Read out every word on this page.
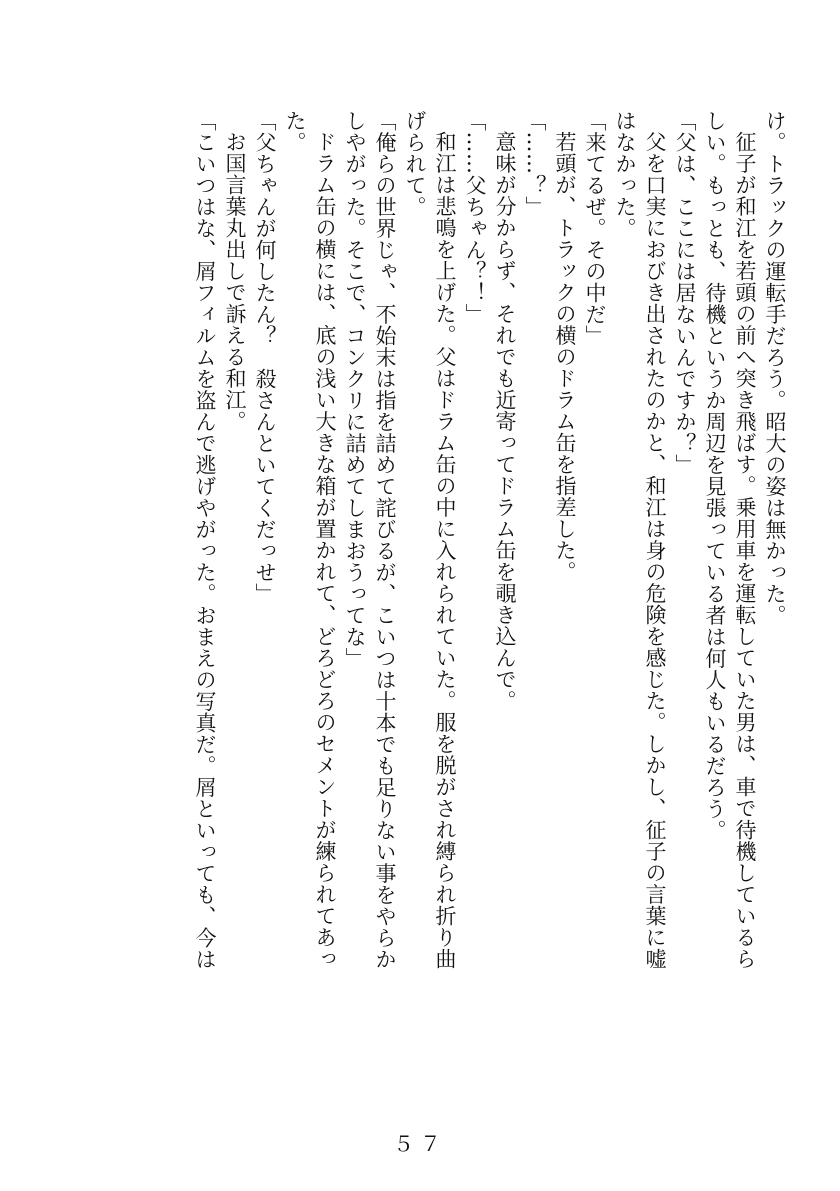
け。トラックの運転手だろう。昭大の姿は無かった。
征子が和江を若頭の前へ突き飛ばす。乗用車を運転していた男は、車で待機しているら
しい。もっとも、待機というか周辺を見張っている者は何人もいるだろう。
「父は、ここには居ないんですか？」
父を口実におびき出されたのかと、和江は身の危険を感じた。しかし、征子の言葉に嘘
はなかった。
「来てるぜ。その中だ」
若頭が、トラックの横のドラム缶を指差した。
「……？」
意味が分からず、それでも近寄ってドラム缶を覗き込んで。
「……父ちゃん？！」
和江は悲鳴を上げた。父はドラム缶の中に入れられていた。服を脱がされ縛られ折り曲
げられて。
「俺らの世界じゃ、不始末は指を詰めて詫びるが、こいつは十本でも足りない事をやらか
しやがった。そこで、コンクリに詰めてしまおうってな」
ドラム缶の横には、底の浅い大きな箱が置かれて、どろどろのセメントが練られてあっ
た。
「父ちゃんが何したん？　殺さんといてくだっせ」
お国言葉丸出しで訴える和江。
「こいつはな、屑フィルムを盗んで逃げやがった。おまえの写真だ。屑といっても、今は
５７
